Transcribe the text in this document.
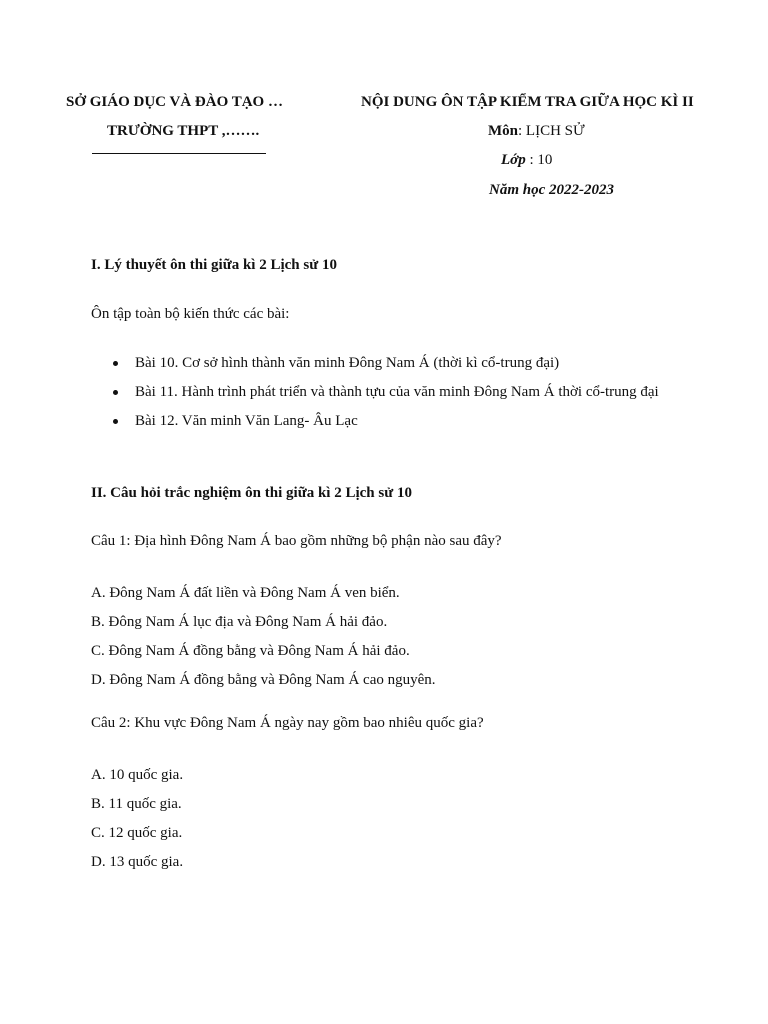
SỞ GIÁO DỤC VÀ ĐÀO TẠO …
TRƯỜNG THPT ,…….
NỘI DUNG ÔN TẬP KIỂM TRA GIỮA HỌC KÌ II
Môn: LỊCH SỬ
Lớp : 10
Năm học 2022-2023
I. Lý thuyết ôn thi giữa kì 2 Lịch sử 10
Ôn tập toàn bộ kiến thức các bài:
Bài 10. Cơ sở hình thành văn minh Đông Nam Á (thời kì cổ-trung đại)
Bài 11. Hành trình phát triển và thành tựu của văn minh Đông Nam Á thời cổ-trung đại
Bài 12. Văn minh Văn Lang- Âu Lạc
II. Câu hỏi trắc nghiệm ôn thi giữa kì 2 Lịch sử 10
Câu 1: Địa hình Đông Nam Á bao gồm những bộ phận nào sau đây?
A. Đông Nam Á đất liền và Đông Nam Á ven biển.
B. Đông Nam Á lục địa và Đông Nam Á hải đảo.
C. Đông Nam Á đồng bằng và Đông Nam Á hải đảo.
D. Đông Nam Á đồng bằng và Đông Nam Á cao nguyên.
Câu 2: Khu vực Đông Nam Á ngày nay gồm bao nhiêu quốc gia?
A. 10 quốc gia.
B. 11 quốc gia.
C. 12 quốc gia.
D. 13 quốc gia.
